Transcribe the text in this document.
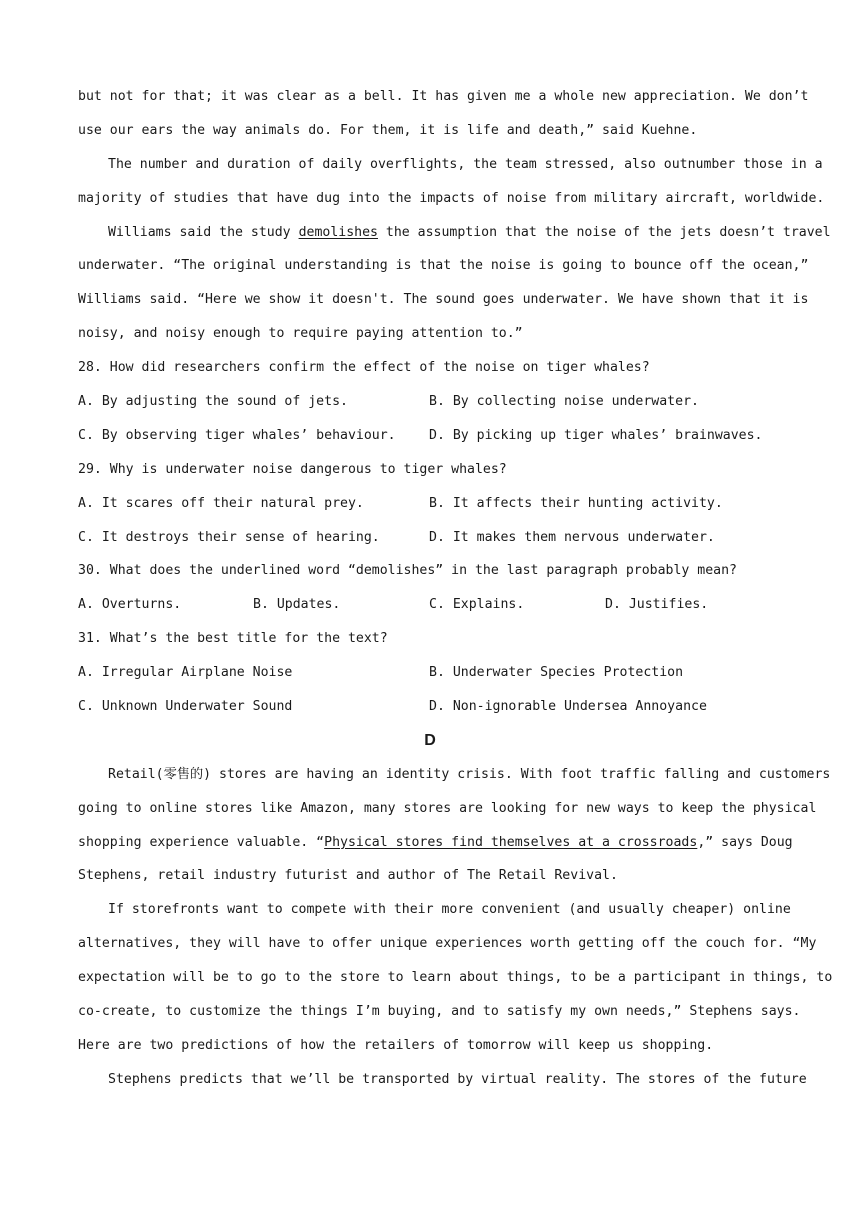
but not for that; it was clear as a bell. It has given me a whole new appreciation. We don’t
use our ears the way animals do. For them, it is life and death,” said Kuehne.
The number and duration of daily overflights, the team stressed, also outnumber those in a
majority of studies that have dug into the impacts of noise from military aircraft, worldwide.
Williams said the study demolishes the assumption that the noise of the jets doesn’t travel
underwater. “The original understanding is that the noise is going to bounce off the ocean,”
Williams said. “Here we show it doesn't. The sound goes underwater. We have shown that it is
noisy, and noisy enough to require paying attention to.”
28. How did researchers confirm the effect of the noise on tiger whales?
A. By adjusting the sound of jets.	B. By collecting noise underwater.
C. By observing tiger whales’ behaviour.	D. By picking up tiger whales’ brainwaves.
29. Why is underwater noise dangerous to tiger whales?
A. It scares off their natural prey.	B. It affects their hunting activity.
C. It destroys their sense of hearing.	D. It makes them nervous underwater.
30. What does the underlined word “demolishes” in the last paragraph probably mean?
A. Overturns.	B. Updates.	C. Explains.	D. Justifies.
31. What’s the best title for the text?
A. Irregular Airplane Noise	B. Underwater Species Protection
C. Unknown Underwater Sound	D. Non-ignorable Undersea Annoyance
D
Retail(零售的) stores are having an identity crisis. With foot traffic falling and customers
going to online stores like Amazon, many stores are looking for new ways to keep the physical
shopping experience valuable. “Physical stores find themselves at a crossroads,” says Doug
Stephens, retail industry futurist and author of The Retail Revival.
If storefronts want to compete with their more convenient (and usually cheaper) online
alternatives, they will have to offer unique experiences worth getting off the couch for. “My
expectation will be to go to the store to learn about things, to be a participant in things, to
co-create, to customize the things I’m buying, and to satisfy my own needs,” Stephens says.
Here are two predictions of how the retailers of tomorrow will keep us shopping.
Stephens predicts that we’ll be transported by virtual reality. The stores of the future
